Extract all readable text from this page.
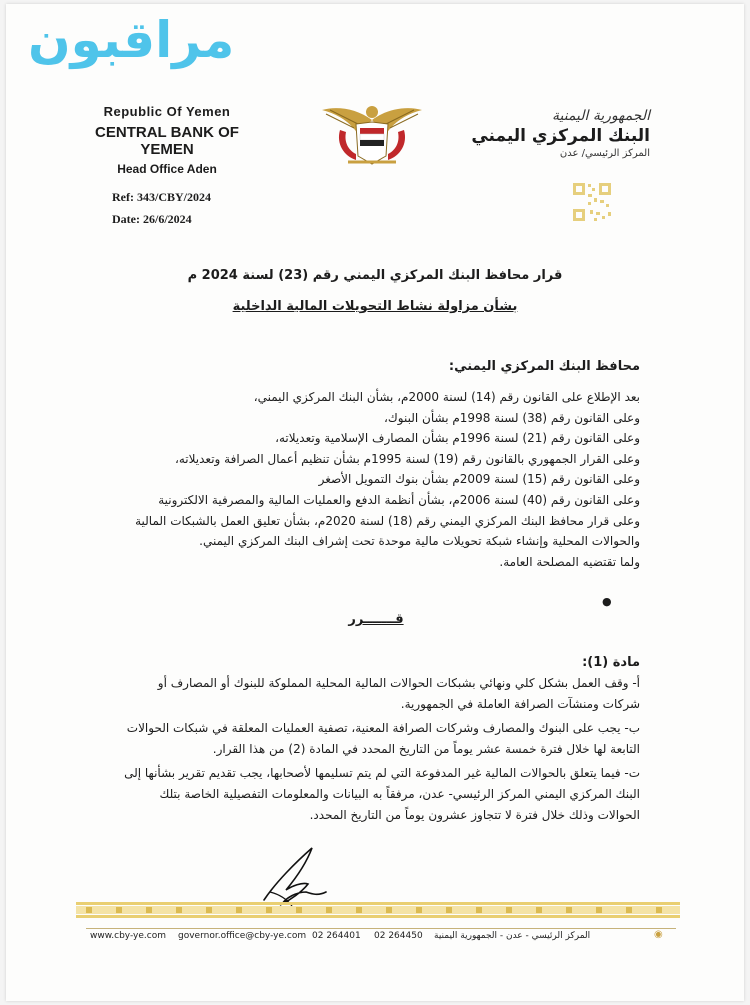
مراقبون
Republic Of Yemen
CENTRAL BANK OF YEMEN
Head Office Aden
Ref: 343/CBY/2024
Date: 26/6/2024
الجمهورية اليمنية
البنك المركزي اليمني
المركز الرئيسي/ عدن
قرار محافظ البنك المركزي اليمني رقم (23) لسنة 2024 م
بشأن مزاولة نشاط التحويلات المالية الداخلية
محافظ البنك المركزي اليمني:
بعد الإطلاع على القانون رقم (14) لسنة 2000م، بشأن البنك المركزي اليمني،
وعلى القانون رقم (38) لسنة 1998م بشأن البنوك،
وعلى القانون رقم (21) لسنة 1996م بشأن المصارف الإسلامية وتعديلاته،
وعلى القرار الجمهوري بالقانون رقم (19) لسنة 1995م بشأن تنظيم أعمال الصرافة وتعديلاته،
وعلى القانون رقم (15) لسنة 2009م بشأن بنوك التمويل الأصغر
وعلى القانون رقم (40) لسنة 2006م، بشأن أنظمة الدفع والعمليات المالية والمصرفية الالكترونية
وعلى قرار محافظ البنك المركزي اليمني رقم (18) لسنة 2020م، بشأن تعليق العمل بالشبكات المالية والحوالات المحلية وإنشاء شبكة تحويلات مالية موحدة تحت إشراف البنك المركزي اليمني.
ولما تقتضيه المصلحة العامة.
●
قـــــــرر
مادة (1):
أ- وقف العمل بشكل كلي ونهائي بشبكات الحوالات المالية المحلية المملوكة للبنوك أو المصارف أو شركات ومنشآت الصرافة العاملة في الجمهورية.
ب- يجب على البنوك والمصارف وشركات الصرافة المعنية، تصفية العمليات المعلقة في شبكات الحوالات التابعة لها خلال فترة خمسة عشر يوماً من التاريخ المحدد في المادة (2) من هذا القرار.
ت- فيما يتعلق بالحوالات المالية غير المدفوعة التي لم يتم تسليمها لأصحابها، يجب تقديم تقرير بشأنها إلى البنك المركزي اليمني المركز الرئيسي- عدن، مرفقاً به البيانات والمعلومات التفصيلية الخاصة بتلك الحوالات وذلك خلال فترة لا تتجاوز عشرون يوماً من التاريخ المحدد.
www.cby-ye.com governor.office@cby-ye.com 02 264401 02 264450 المركز الرئيسي - عدن - الجمهورية اليمنية	◉
